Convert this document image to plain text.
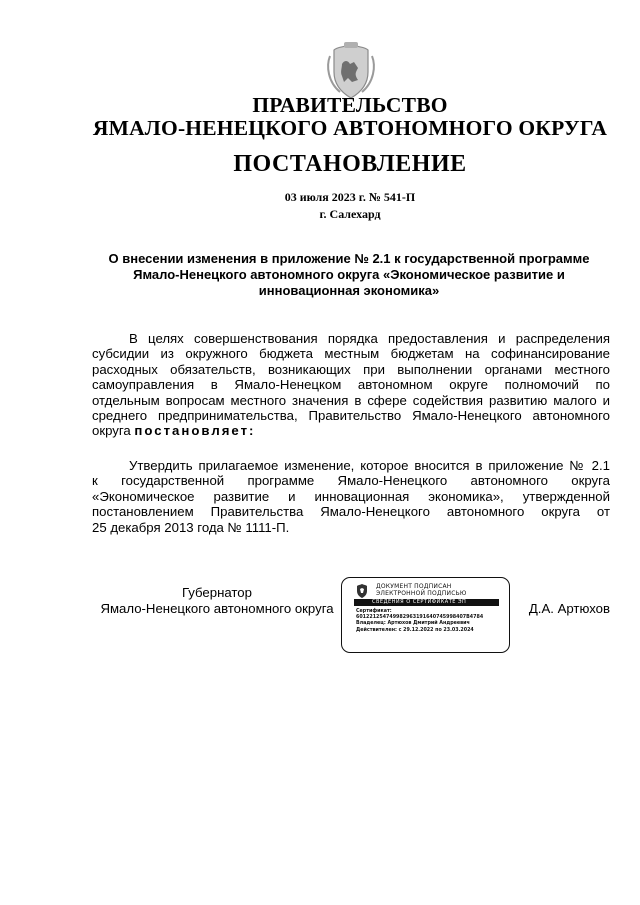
ПРАВИТЕЛЬСТВО
ЯМАЛО-НЕНЕЦКОГО АВТОНОМНОГО ОКРУГА
ПОСТАНОВЛЕНИЕ
03 июля 2023 г. № 541-П
г. Салехард
О внесении изменения в приложение № 2.1 к государственной программе
Ямало-Ненецкого автономного округа «Экономическое развитие и
инновационная экономика»
В целях совершенствования порядка предоставления и распределения
субсидии из окружного бюджета местным бюджетам на софинансирование
расходных обязательств, возникающих при выполнении органами местного
самоуправления в Ямало-Ненецком автономном округе полномочий по
отдельным вопросам местного значения в сфере содействия развитию малого и
среднего предпринимательства, Правительство Ямало-Ненецкого автономного
округа постановляет:
Утвердить прилагаемое изменение, которое вносится в приложение № 2.1
к государственной программе Ямало-Ненецкого автономного округа
«Экономическое развитие и инновационная экономика», утвержденной
постановлением Правительства Ямало-Ненецкого автономного округа от
25 декабря 2013 года № 1111-П.
Губернатор
Ямало-Ненецкого автономного округа
ДОКУМЕНТ ПОДПИСАН
ЭЛЕКТРОННОЙ ПОДПИСЬЮ
СВЕДЕНИЯ О СЕРТИФИКАТЕ ЭП
Сертификат:
601221254749982963191640745998407B4784
Владелец: Артюхов Дмитрий Андреевич
Действителен: с 29.12.2022 по 23.03.2024
Д.А. Артюхов
